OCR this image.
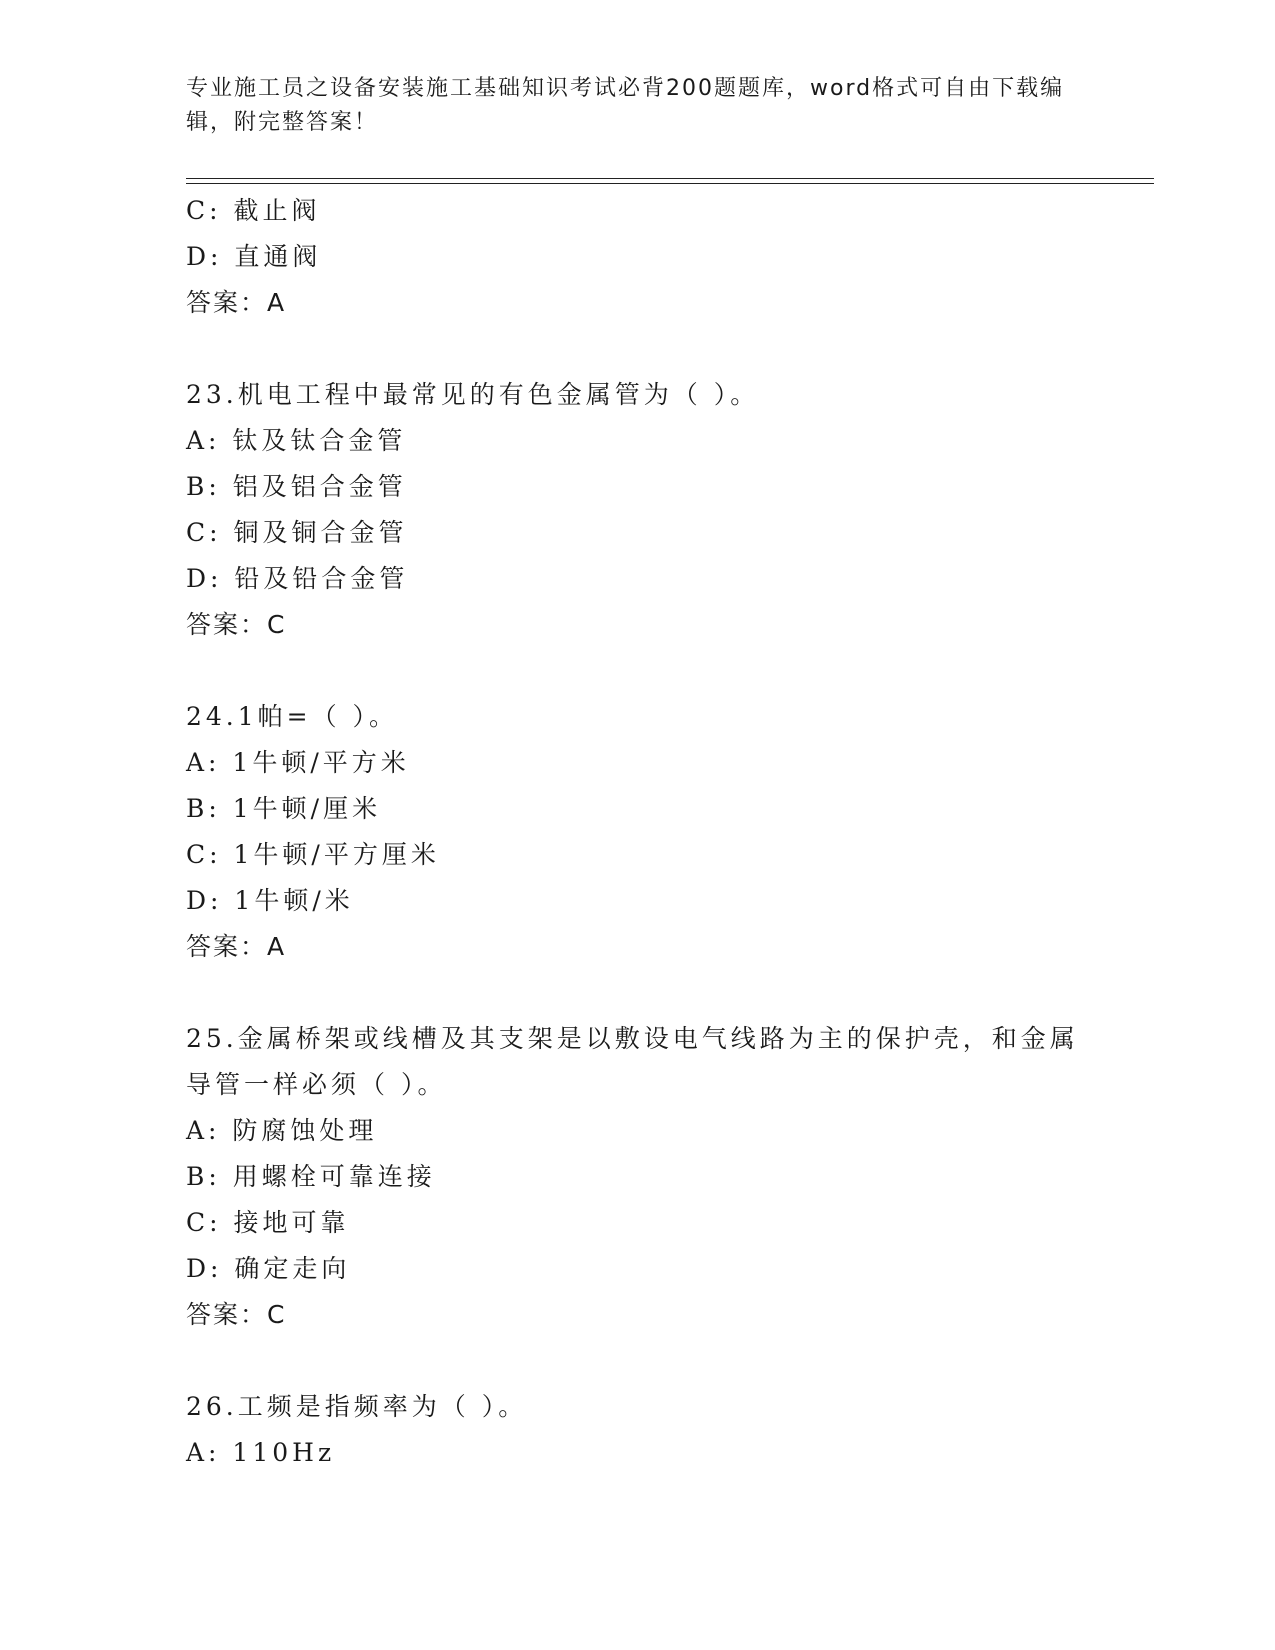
专业施工员之设备安装施工基础知识考试必背200题题库，word格式可自由下载编辑，附完整答案！
C: 截止阀
D: 直通阀
答案：A
23.机电工程中最常见的有色金属管为（ ）。
A: 钛及钛合金管
B: 铝及铝合金管
C: 铜及铜合金管
D: 铅及铅合金管
答案：C
24.1帕=（ ）。
A: 1牛顿/平方米
B: 1牛顿/厘米
C: 1牛顿/平方厘米
D: 1牛顿/米
答案：A
25.金属桥架或线槽及其支架是以敷设电气线路为主的保护壳，和金属导管一样必须（ ）。
A: 防腐蚀处理
B: 用螺栓可靠连接
C: 接地可靠
D: 确定走向
答案：C
26.工频是指频率为（ ）。
A: 110Hz
